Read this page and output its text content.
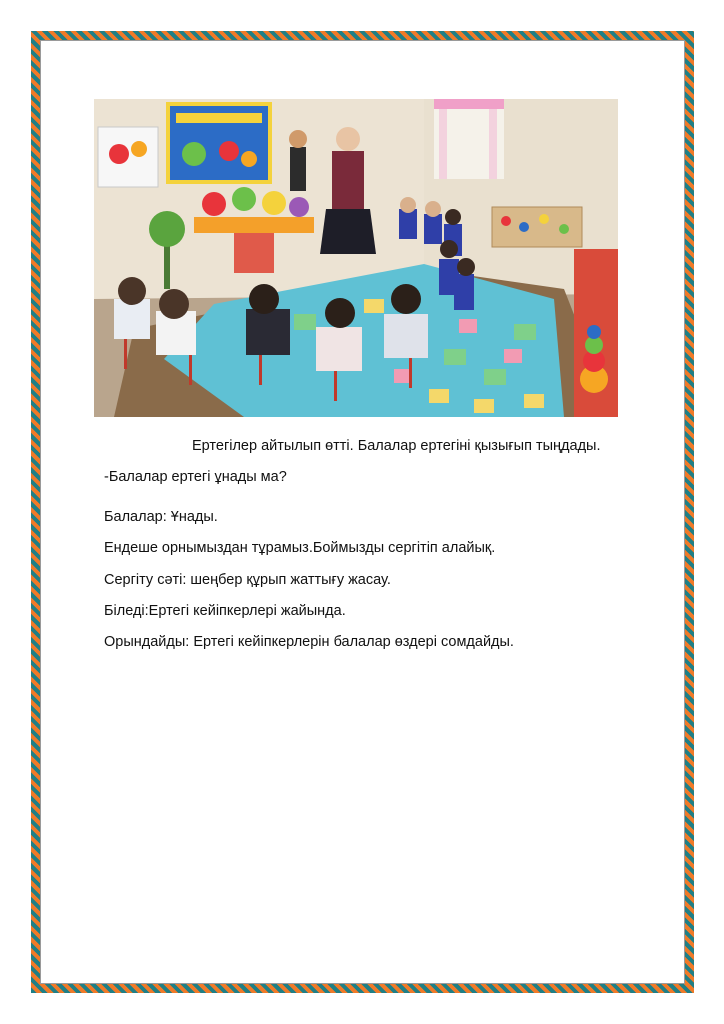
Ертегілер айтылып өтті. Балалар ертегіні қызығып тыңдады.

-Балалар ертегі ұнады ма?

Балалар: Ұнады.

Ендеше орнымыздан тұрамыз.Боймызды сергітіп алайық.

Сергіту сәті: шеңбер құрып жаттығу жасау.

Біледі:Ертегі кейіпкерлері жайында.

Орындайды: Ертегі кейіпкерлерін балалар өздері сомдайды.
